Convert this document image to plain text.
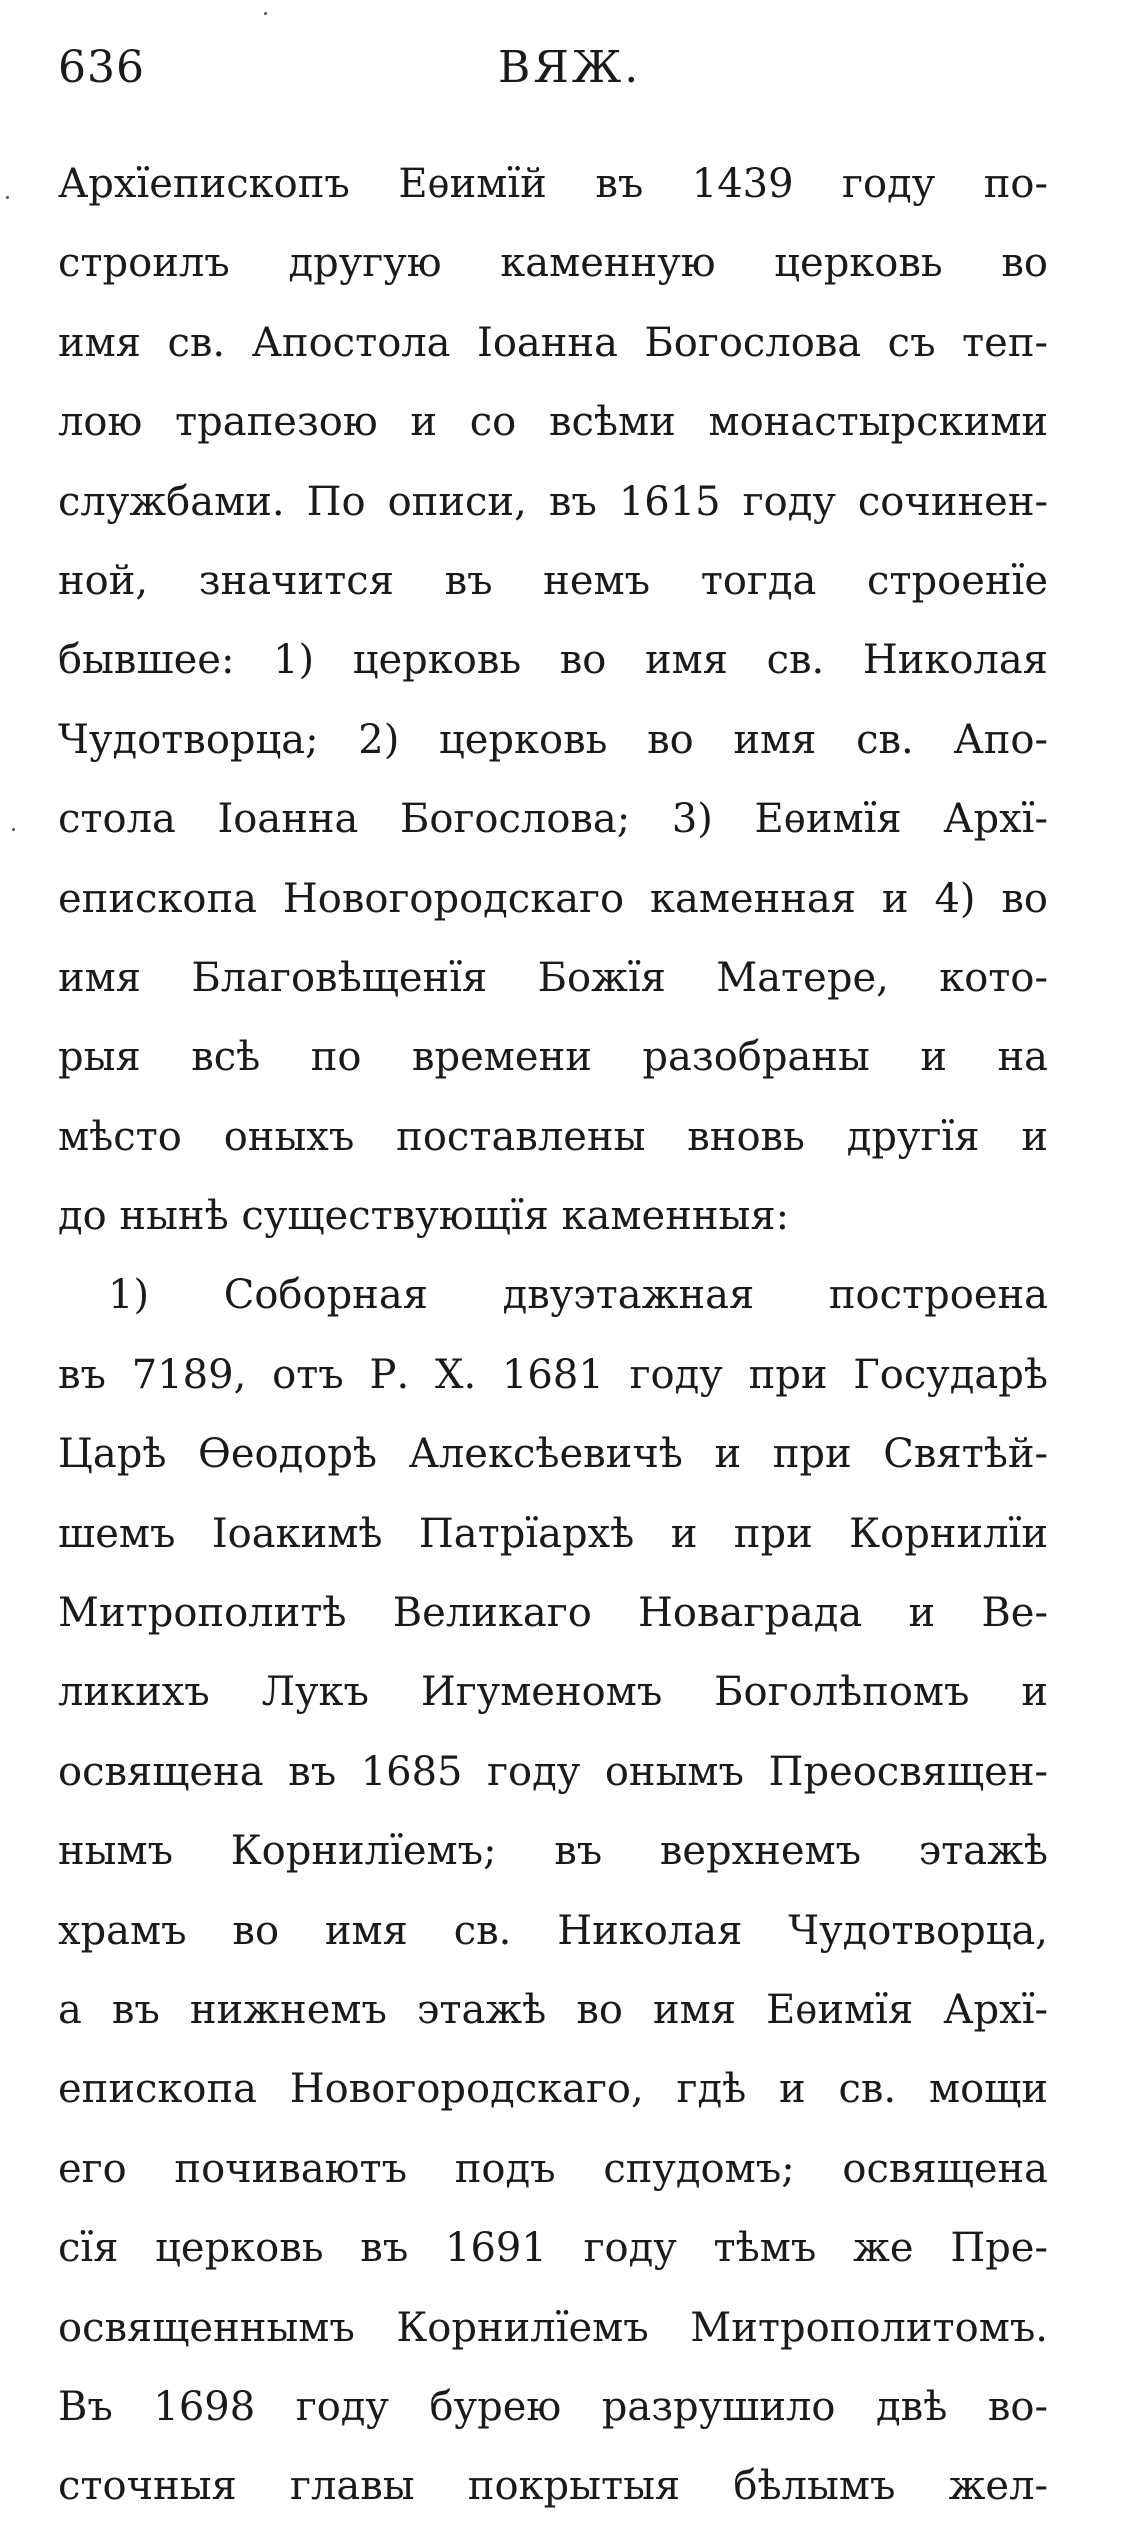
636	ВЯЖ.
Архїепископъ Еѳимїй въ 1439 году по-
строилъ другую каменную церковь во
имя св. Апостола Іоанна Богослова съ теп-
лою трапезою и со всѣми монастырскими
службами. По описи, въ 1615 году сочинен-
ной, значится въ немъ тогда строенїе
бывшее: 1) церковь во имя св. Николая
Чудотворца; 2) церковь во имя св. Апо-
стола Іоанна Богослова; 3) Еѳимїя Архї-
епископа Новогородскаго каменная и 4) во
имя Благовѣщенїя Божїя Матере, кото-
рыя всѣ по времени разобраны и на
мѣсто оныхъ поставлены вновь другїя и
до нынѣ существующїя каменныя:
1) Соборная двуэтажная построена
въ 7189, отъ Р. Х. 1681 году при Государѣ
Царѣ Ѳеодорѣ Алексѣевичѣ и при Святѣй-
шемъ Іоакимѣ Патрїархѣ и при Корнилїи
Митрополитѣ Великаго Новаграда и Ве-
ликихъ Лукъ Игуменомъ Боголѣпомъ и
освящена въ 1685 году онымъ Преосвящен-
нымъ Корнилїемъ; въ верхнемъ этажѣ
храмъ во имя св. Николая Чудотворца,
а въ нижнемъ этажѣ во имя Еѳимїя Архї-
епископа Новогородскаго, гдѣ и св. мощи
его почиваютъ подъ спудомъ; освящена
сїя церковь въ 1691 году тѣмъ же Пре-
освященнымъ Корнилїемъ Митрополитомъ.
Въ 1698 году бурею разрушило двѣ во-
сточныя главы покрытыя бѣлымъ жел-
